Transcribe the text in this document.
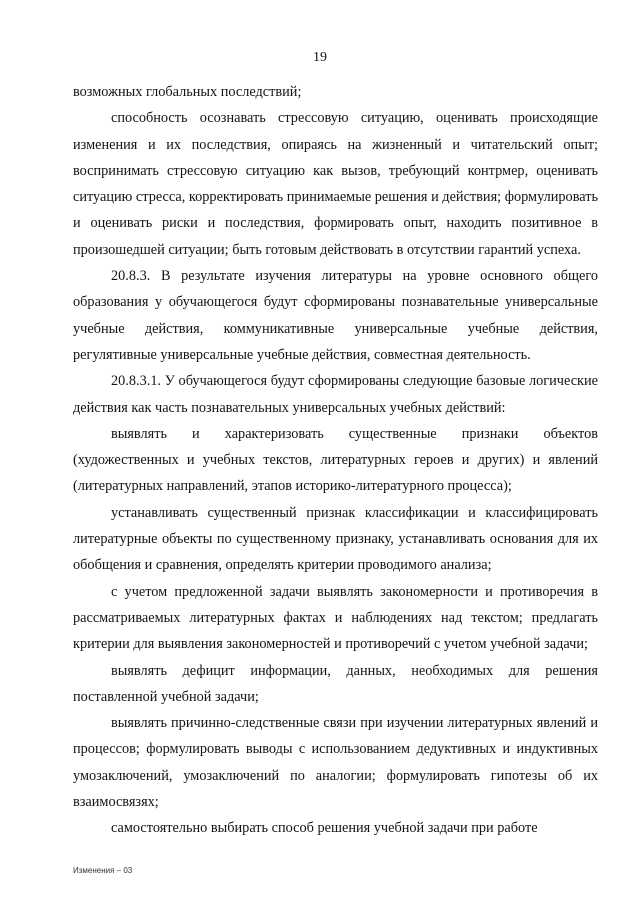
19

возможных глобальных последствий;

способность осознавать стрессовую ситуацию, оценивать происходящие изменения и их последствия, опираясь на жизненный и читательский опыт; воспринимать стрессовую ситуацию как вызов, требующий контрмер, оценивать ситуацию стресса, корректировать принимаемые решения и действия; формулировать и оценивать риски и последствия, формировать опыт, находить позитивное в произошедшей ситуации; быть готовым действовать в отсутствии гарантий успеха.

20.8.3. В результате изучения литературы на уровне основного общего образования у обучающегося будут сформированы познавательные универсальные учебные действия, коммуникативные универсальные учебные действия, регулятивные универсальные учебные действия, совместная деятельность.

20.8.3.1. У обучающегося будут сформированы следующие базовые логические действия как часть познавательных универсальных учебных действий:

выявлять и характеризовать существенные признаки объектов (художественных и учебных текстов, литературных героев и других) и явлений (литературных направлений, этапов историко-литературного процесса);

устанавливать существенный признак классификации и классифицировать литературные объекты по существенному признаку, устанавливать основания для их обобщения и сравнения, определять критерии проводимого анализа;

с учетом предложенной задачи выявлять закономерности и противоречия в рассматриваемых литературных фактах и наблюдениях над текстом; предлагать критерии для выявления закономерностей и противоречий с учетом учебной задачи;

выявлять дефицит информации, данных, необходимых для решения поставленной учебной задачи;

выявлять причинно-следственные связи при изучении литературных явлений и процессов; формулировать выводы с использованием дедуктивных и индуктивных умозаключений, умозаключений по аналогии; формулировать гипотезы об их взаимосвязях;

самостоятельно выбирать способ решения учебной задачи при работе

Изменения – 03
